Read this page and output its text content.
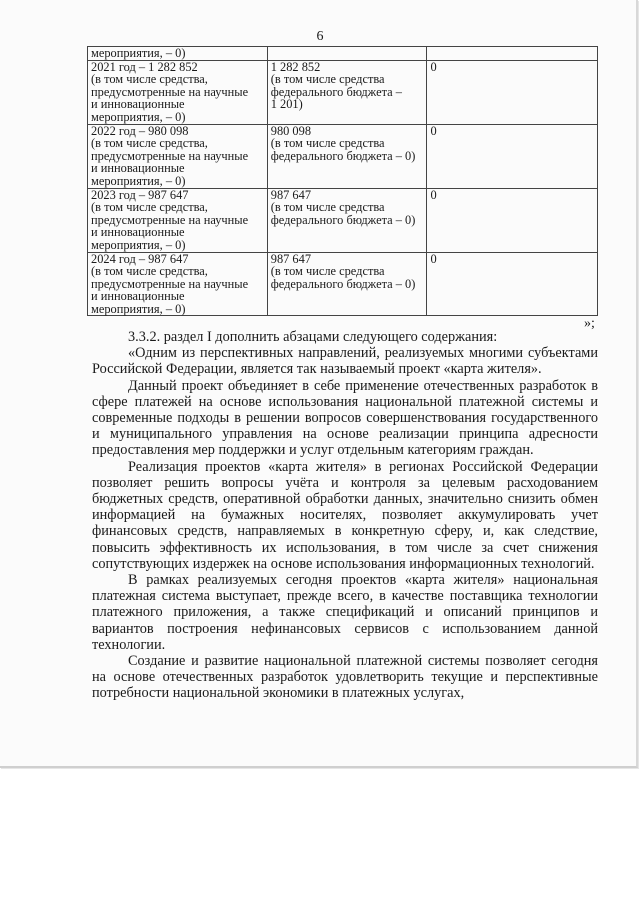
6
мероприятия, – 0)		
2021 год – 1 282 852
(в том числе средства,
предусмотренные на научные
и инновационные
мероприятия, – 0)	1 282 852
(в том числе средства
федерального бюджета –
1 201)	0
2022 год – 980 098
(в том числе средства,
предусмотренные на научные
и инновационные
мероприятия, – 0)	980 098
(в том числе средства
федерального бюджета – 0)	0
2023 год – 987 647
(в том числе средства,
предусмотренные на научные
и инновационные
мероприятия, – 0)	987 647
(в том числе средства
федерального бюджета – 0)	0
2024 год – 987 647
(в том числе средства,
предусмотренные на научные
и инновационные
мероприятия, – 0)	987 647
(в том числе средства
федерального бюджета – 0)	0
»;

3.3.2. раздел I дополнить абзацами следующего содержания:

«Одним из перспективных направлений, реализуемых многими субъектами Российской Федерации, является так называемый проект «карта жителя».

Данный проект объединяет в себе применение отечественных разработок в сфере платежей на основе использования национальной платежной системы и современные подходы в решении вопросов совершенствования государственного и муниципального управления на основе реализации принципа адресности предоставления мер поддержки и услуг отдельным категориям граждан.

Реализация проектов «карта жителя» в регионах Российской Федерации позволяет решить вопросы учёта и контроля за целевым расходованием бюджетных средств, оперативной обработки данных, значительно снизить обмен информацией на бумажных носителях, позволяет аккумулировать учет финансовых средств, направляемых в конкретную сферу, и, как следствие, повысить эффективность их использования, в том числе за счет снижения сопутствующих издержек на основе использования информационных технологий.

В рамках реализуемых сегодня проектов «карта жителя» национальная платежная система выступает, прежде всего, в качестве поставщика технологии платежного приложения, а также спецификаций и описаний принципов и вариантов построения нефинансовых сервисов с использованием данной технологии.

Создание и развитие национальной платежной системы позволяет сегодня на основе отечественных разработок удовлетворить текущие и перспективные потребности национальной экономики в платежных услугах,
